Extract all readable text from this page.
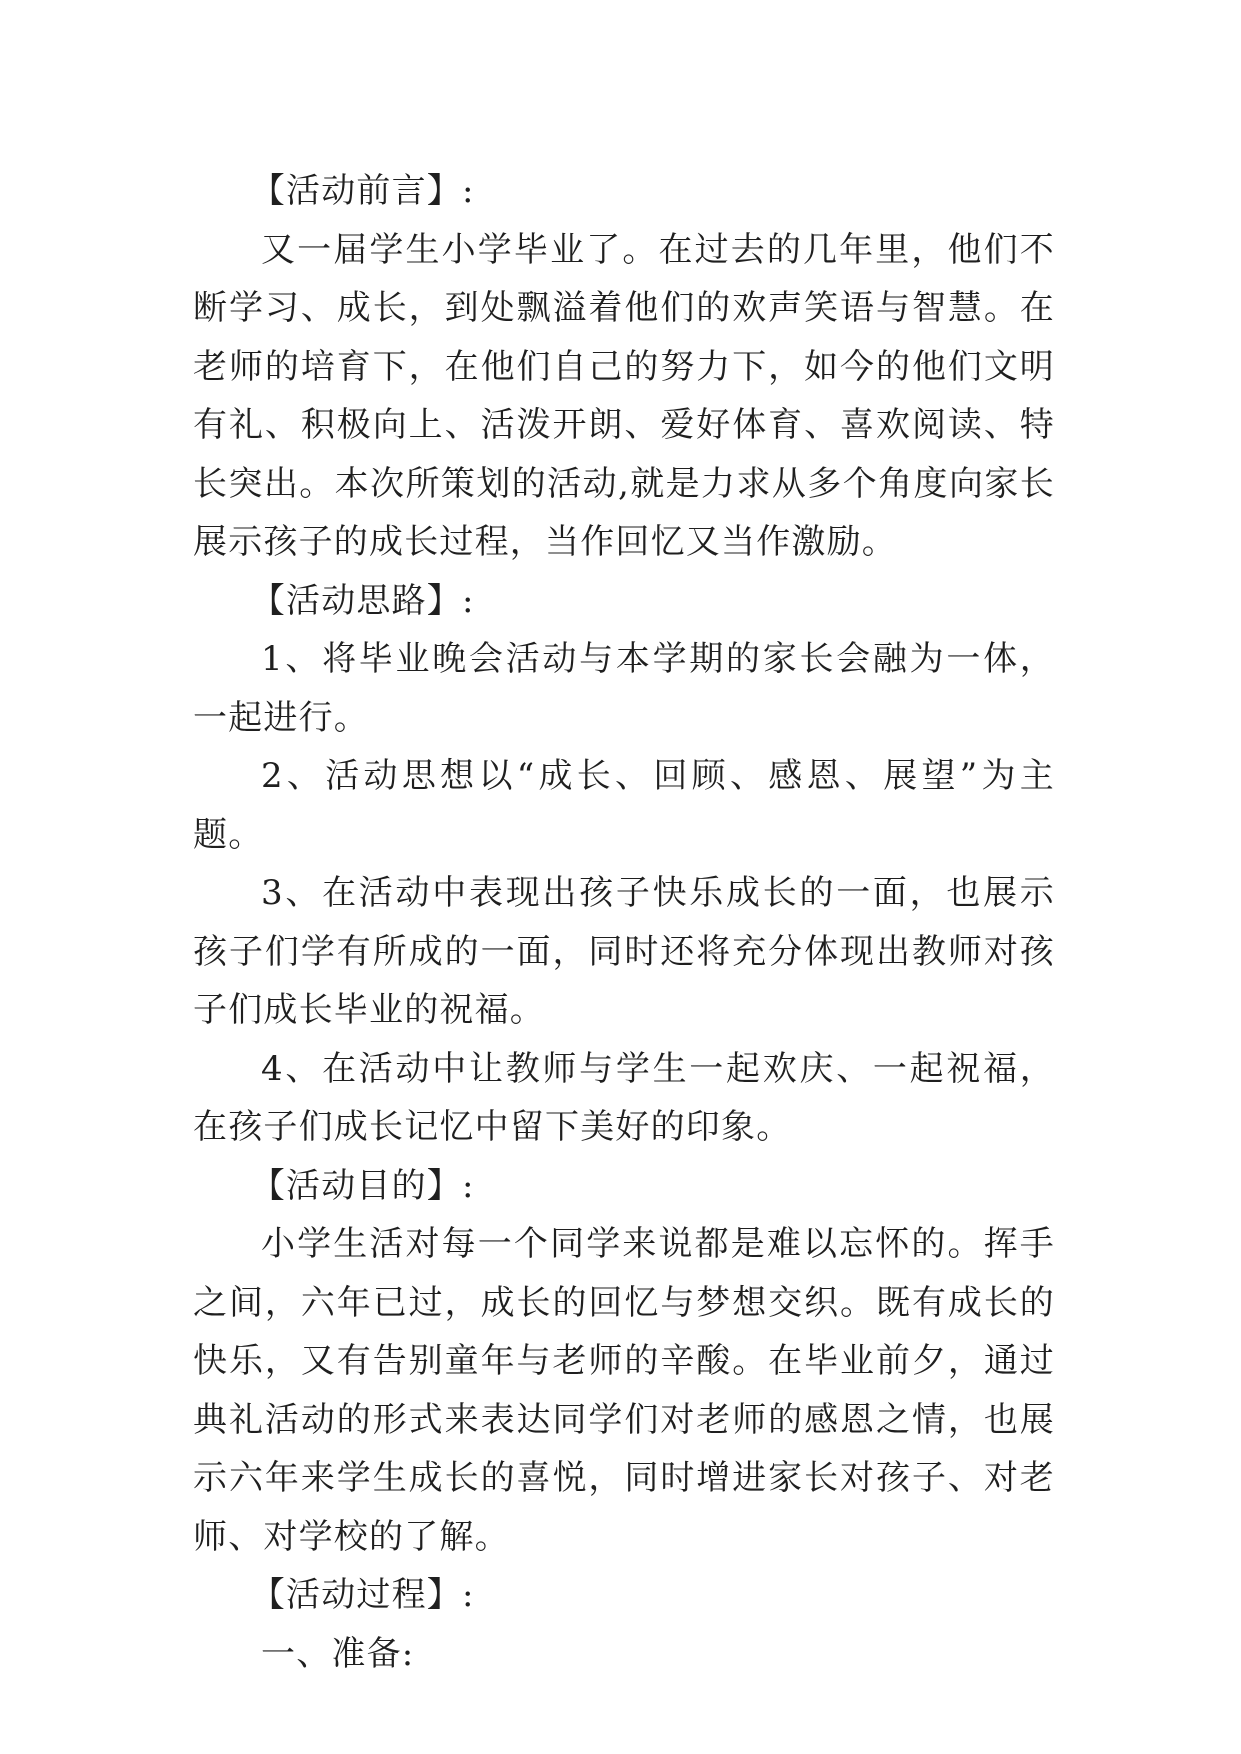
【活动前言】:

又一届学生小学毕业了。在过去的几年里，他们不断学习、成长，到处飘溢着他们的欢声笑语与智慧。在老师的培育下，在他们自己的努力下，如今的他们文明有礼、积极向上、活泼开朗、爱好体育、喜欢阅读、特长突出。本次所策划的活动,就是力求从多个角度向家长展示孩子的成长过程，当作回忆又当作激励。

【活动思路】:

1、将毕业晚会活动与本学期的家长会融为一体，一起进行。

2、活动思想以“成长、回顾、感恩、展望”为主题。

3、在活动中表现出孩子快乐成长的一面，也展示孩子们学有所成的一面，同时还将充分体现出教师对孩子们成长毕业的祝福。

4、在活动中让教师与学生一起欢庆、一起祝福，在孩子们成长记忆中留下美好的印象。

【活动目的】:

小学生活对每一个同学来说都是难以忘怀的。挥手之间，六年已过，成长的回忆与梦想交织。既有成长的快乐，又有告别童年与老师的辛酸。在毕业前夕，通过典礼活动的形式来表达同学们对老师的感恩之情，也展示六年来学生成长的喜悦，同时增进家长对孩子、对老师、对学校的了解。

【活动过程】:

一、准备:
